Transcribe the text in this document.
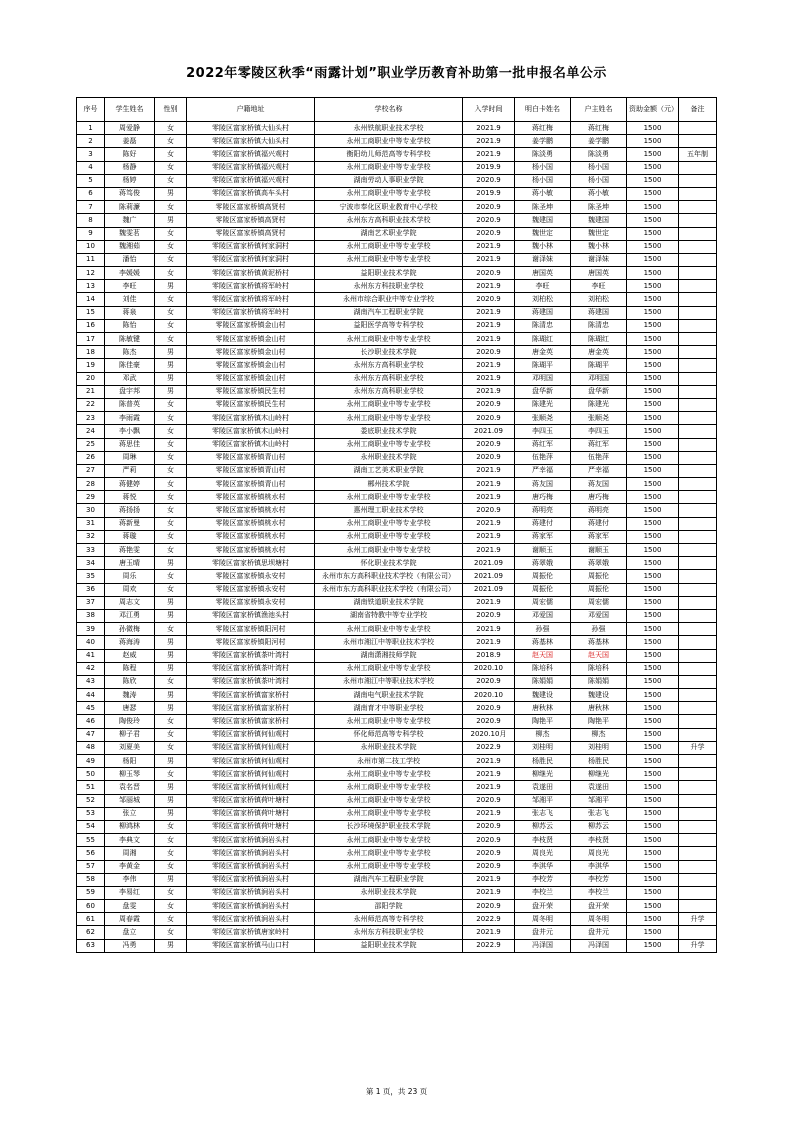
2022年零陵区秋季“雨露计划”职业学历教育补助第一批申报名单公示
序号	学生姓名	性别	户籍地址	学校名称	入学时间	明白卡姓名	户主姓名	资助金额（元）	备注
1	周爱静	女	零陵区富家桥镇大仙头村	永州铁航职业技术学校	2021.9	蒋红梅	蒋红梅	1500	
2	姜磊	女	零陵区富家桥镇大仙头村	永州工商职业中等专业学校	2021.9	姜学鹏	姜学鹏	1500	
3	陈好	女	零陵区富家桥镇福兴观村	衡阳幼儿师范高等专科学校	2021.9	陈淡勇	陈淡勇	1500	五年制
4	杨静	女	零陵区富家桥镇福兴观村	永州工商职业中等专业学校	2019.9	杨小国	杨小国	1500	
5	杨婷	女	零陵区富家桥镇福兴观村	湖南劳动人事职业学院	2020.9	杨小国	杨小国	1500	
6	蒋笃俊	男	零陵区富家桥镇高车头村	永州工商职业中等专业学校	2019.9	蒋小敏	蒋小敏	1500	
7	陈莉濂	女	零陵区富家桥镇高贤村	宁波市奉化区职业教育中心学校	2020.9	陈圣坤	陈圣坤	1500	
8	魏广	男	零陵区富家桥镇高贤村	永州东方高科职业技术学校	2020.9	魏建国	魏建国	1500	
9	魏雯茗	女	零陵区富家桥镇高贤村	湖南艺术职业学院	2020.9	魏世定	魏世定	1500	
10	魏湘茹	女	零陵区富家桥镇何家洞村	永州工商职业中等专业学校	2021.9	魏小林	魏小林	1500	
11	潘怡	女	零陵区富家桥镇何家洞村	永州工商职业中等专业学校	2021.9	谢泽妹	谢泽妹	1500	
12	李媛媛	女	零陵区富家桥镇黄泥桥村	益阳职业技术学院	2020.9	唐国英	唐国英	1500	
13	李旺	男	零陵区富家桥镇将军岭村	永州东方科技职业学校	2021.9	李旺	李旺	1500	
14	刘佳	女	零陵区富家桥镇将军岭村	永州市综合职业中等专业学校	2020.9	刘柏松	刘柏松	1500	
15	蒋泉	女	零陵区富家桥镇将军岭村	湖南汽车工程职业学院	2021.9	蒋建国	蒋建国	1500	
16	陈怡	女	零陵区富家桥镇金山村	益阳医学高等专科学校	2021.9	陈清忠	陈清忠	1500	
17	陈敏键	女	零陵区富家桥镇金山村	永州工商职业中等专业学校	2021.9	陈瑚红	陈瑚红	1500	
18	陈杰	男	零陵区富家桥镇金山村	长沙职业技术学院	2020.9	唐金英	唐金英	1500	
19	陈佳豪	男	零陵区富家桥镇金山村	永州东方高科职业学校	2021.9	陈瑚平	陈瑚平	1500	
20	邓武	男	零陵区富家桥镇金山村	永州东方高科职业学校	2021.9	邓明国	邓明国	1500	
21	盘宇邦	男	零陵区富家桥镇民生村	永州东方高科职业学校	2021.9	盘华新	盘华新	1500	
22	陈普英	女	零陵区富家桥镇民生村	永州工商职业中等专业学校	2020.9	陈建光	陈建光	1500	
23	李雨霞	女	零陵区富家桥镇木山岭村	永州工商职业中等专业学校	2020.9	张顺尧	张顺尧	1500	
24	李小飘	女	零陵区富家桥镇木山岭村	娄底职业技术学院	2021.09	李四玉	李四玉	1500	
25	蒋思佳	女	零陵区富家桥镇木山岭村	永州工商职业中等专业学校	2020.9	蒋红军	蒋红军	1500	
26	周琳	女	零陵区富家桥镇青山村	永州职业技术学院	2020.9	伍艳萍	伍艳萍	1500	
27	严莉	女	零陵区富家桥镇青山村	湖南工艺美术职业学院	2021.9	严幸福	严幸福	1500	
28	蒋健婷	女	零陵区富家桥镇青山村	郴州技术学院	2021.9	蒋友国	蒋友国	1500	
29	蒋悦	女	零陵区富家桥镇桃水村	永州工商职业中等专业学校	2021.9	唐巧梅	唐巧梅	1500	
30	蒋扬扬	女	零陵区富家桥镇桃水村	惠州理工职业技术学校	2020.9	蒋明亮	蒋明亮	1500	
31	蒋新曼	女	零陵区富家桥镇桃水村	永州工商职业中等专业学校	2021.9	蒋建付	蒋建付	1500	
32	蒋璇	女	零陵区富家桥镇桃水村	永州工商职业中等专业学校	2021.9	蒋家军	蒋家军	1500	
33	蒋艳雯	女	零陵区富家桥镇桃水村	永州工商职业中等专业学校	2021.9	谢顺玉	谢顺玉	1500	
34	唐玉晴	男	零陵区富家桥镇思坝塘村	怀化职业技术学院	2021.09	蒋翠娥	蒋翠娥	1500	
35	周乐	女	零陵区富家桥镇永安村	永州市东方高科职业技术学校（有限公司）	2021.09	周振伦	周振伦	1500	
36	周欢	女	零陵区富家桥镇永安村	永州市东方高科职业技术学校（有限公司）	2021.09	周振伦	周振伦	1500	
37	周志文	男	零陵区富家桥镇永安村	湖南铁道职业技术学院	2021.9	周宏儒	周宏儒	1500	
38	邓江勇	男	零陵区富家桥镇渔池头村	湖南省特教中等专业学校	2020.9	邓爱国	邓爱国	1500	
39	孙微梅	女	零陵区富家桥镇阳河村	永州工商职业中等专业学校	2021.9	孙强	孙强	1500	
40	蒋海涛	男	零陵区富家桥镇阳河村	永州市湘江中等职业技术学校	2021.9	蒋基林	蒋基林	1500	
41	赵威	男	零陵区富家桥镇茶叶湾村	湖南潇湘技师学院	2018.9	赵天国	赵天国	1500	
42	陈程	男	零陵区富家桥镇茶叶湾村	永州工商职业中等专业学校	2020.10	陈培科	陈培科	1500	
43	陈欣	女	零陵区富家桥镇茶叶湾村	永州市湘江中等职业技术学校	2020.9	陈娟娟	陈娟娟	1500	
44	魏涛	男	零陵区富家桥镇富家桥村	湖南电气职业技术学院	2020.10	魏建设	魏建设	1500	
45	唐瑟	男	零陵区富家桥镇富家桥村	湖南育才中等职业学校	2020.9	唐秋林	唐秋林	1500	
46	陶俊玲	女	零陵区富家桥镇富家桥村	永州工商职业中等专业学校	2020.9	陶艳平	陶艳平	1500	
47	柳子君	女	零陵区富家桥镇何仙观村	怀化师范高等专科学校	2020.10月	柳杰	柳杰	1500	
48	刘夏美	女	零陵区富家桥镇何仙观村	永州职业技术学院	2022.9	刘桂明	刘桂明	1500	升学
49	杨阳	男	零陵区富家桥镇何仙观村	永州市第二技工学校	2021.9	杨胜民	杨胜民	1500	
50	柳玉琴	女	零陵区富家桥镇何仙观村	永州工商职业中等专业学校	2021.9	柳继光	柳继光	1500	
51	袁名晋	男	零陵区富家桥镇何仙观村	永州工商职业中等专业学校	2021.9	袁遂田	袁遂田	1500	
52	邹丽城	男	零陵区富家桥镇荷叶塘村	永州工商职业中等专业学校	2020.9	邹湘平	邹湘平	1500	
53	张立	男	零陵区富家桥镇荷叶塘村	永州工商职业中等专业学校	2021.9	张志飞	张志飞	1500	
54	柳鸿林	女	零陵区富家桥镇荷叶塘村	长沙环境保护职业技术学院	2020.9	柳苏云	柳苏云	1500	
55	李典文	女	零陵区富家桥镇涧岩头村	永州工商职业中等专业学校	2020.9	李枝贤	李枝贤	1500	
56	周湘	女	零陵区富家桥镇涧岩头村	永州工商职业中等专业学校	2020.9	周良光	周良光	1500	
57	李黄金	女	零陵区富家桥镇涧岩头村	永州工商职业中等专业学校	2020.9	李淇华	李淇华	1500	
58	李伟	男	零陵区富家桥镇涧岩头村	湖南汽车工程职业学院	2021.9	李校芳	李校芳	1500	
59	李易红	女	零陵区富家桥镇涧岩头村	永州职业技术学院	2021.9	李校兰	李校兰	1500	
60	盘雯	女	零陵区富家桥镇涧岩头村	邵阳学院	2020.9	盘开荣	盘开荣	1500	
61	周春霞	女	零陵区富家桥镇涧岩头村	永州师范高等专科学校	2022.9	周冬明	周冬明	1500	升学
62	盘立	女	零陵区富家桥镇唐家岭村	永州东方科技职业学校	2021.9	盘井元	盘井元	1500	
63	冯勇	男	零陵区富家桥镇马山口村	益阳职业技术学院	2022.9	冯泽国	冯泽国	1500	升学
第 1 页，共 23 页
